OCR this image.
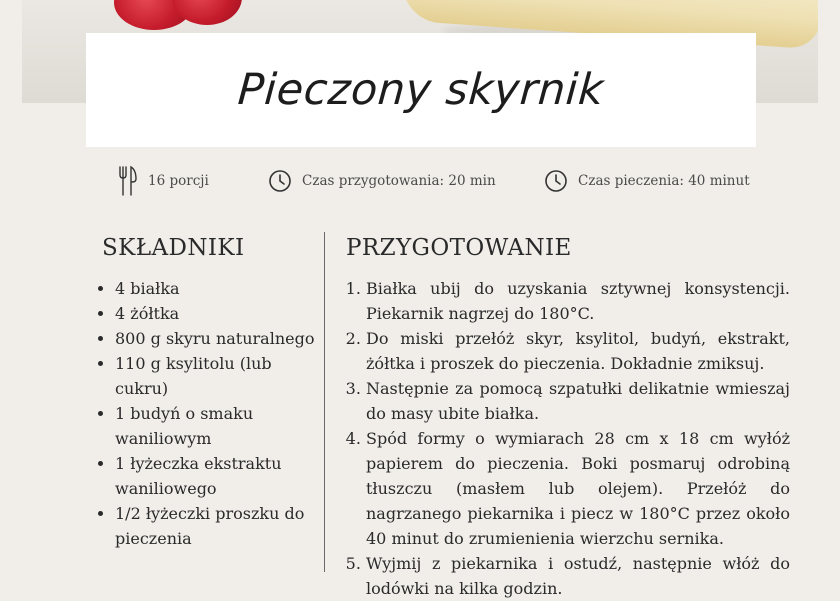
Pieczony skyrnik
16 porcji	Czas przygotowania: 20 min	Czas pieczenia: 40 minut
SKŁADNIKI
• 4 białka
• 4 żółtka
• 800 g skyru naturalnego
• 110 g ksylitolu (lub cukru)
• 1 budyń o smaku waniliowym
• 1 łyżeczka ekstraktu waniliowego
• 1/2 łyżeczki proszku do pieczenia
PRZYGOTOWANIE
1. Białka ubij do uzyskania sztywnej konsystencji. Piekarnik nagrzej do 180°C.
2. Do miski przełóż skyr, ksylitol, budyń, ekstrakt, żółtka i proszek do pieczenia. Dokładnie zmiksuj.
3. Następnie za pomocą szpatułki delikatnie wmieszaj do masy ubite białka.
4. Spód formy o wymiarach 28 cm x 18 cm wyłóż papierem do pieczenia. Boki posmaruj odrobiną tłuszczu (masłem lub olejem). Przełóż do nagrzanego piekarnika i piecz w 180°C przez około 40 minut do zrumienienia wierzchu sernika.
5. Wyjmij z piekarnika i ostudź, następnie włóż do lodówki na kilka godzin.
